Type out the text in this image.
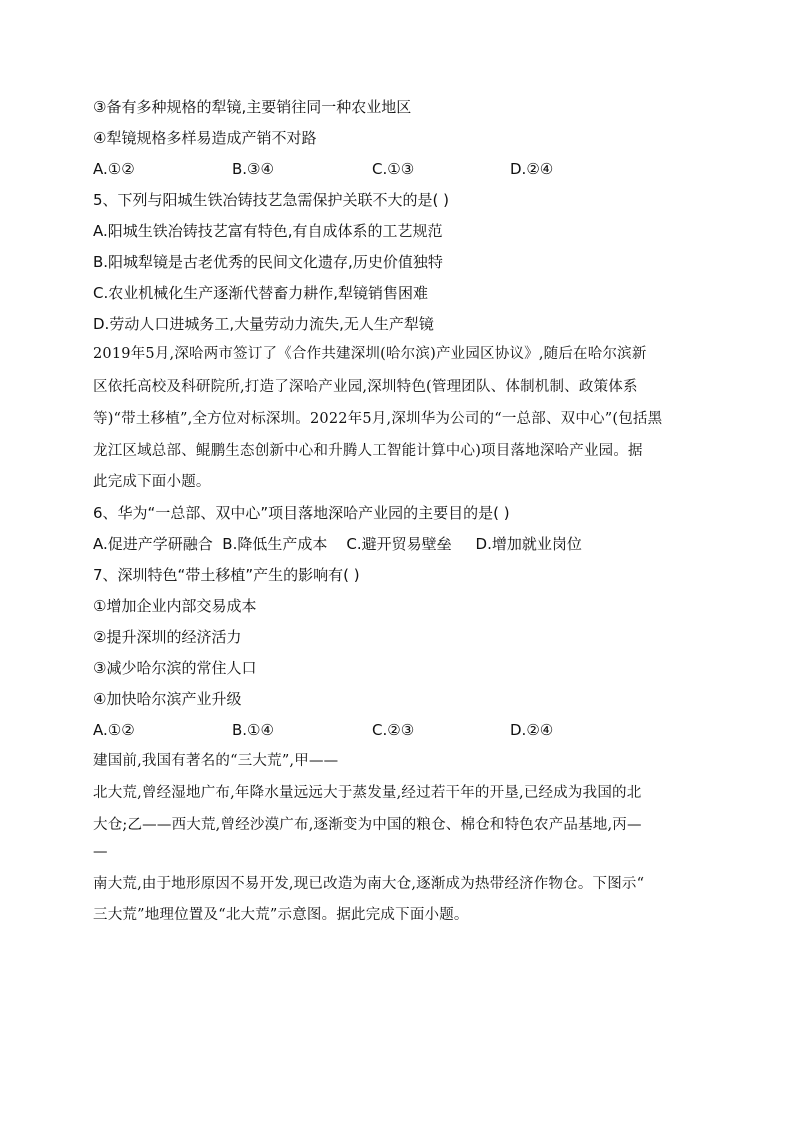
③备有多种规格的犁镜,主要销往同一种农业地区
④犁镜规格多样易造成产销不对路
A.①②	B.③④	C.①③	D.②④
5、下列与阳城生铁冶铸技艺急需保护关联不大的是( )
A.阳城生铁冶铸技艺富有特色,有自成体系的工艺规范
B.阳城犁镜是古老优秀的民间文化遗存,历史价值独特
C.农业机械化生产逐渐代替畜力耕作,犁镜销售困难
D.劳动人口进城务工,大量劳动力流失,无人生产犁镜
2019年5月,深哈两市签订了《合作共建深圳(哈尔滨)产业园区协议》,随后在哈尔滨新
区依托高校及科研院所,打造了深哈产业园,深圳特色(管理团队、体制机制、政策体系
等)“带土移植”,全方位对标深圳。2022年5月,深圳华为公司的“一总部、双中心”(包括黑
龙江区域总部、鲲鹏生态创新中心和升腾人工智能计算中心)项目落地深哈产业园。据
此完成下面小题。
6、华为“一总部、双中心”项目落地深哈产业园的主要目的是( )
A.促进产学研融合  B.降低生产成本    C.避开贸易壁垒     D.增加就业岗位
7、深圳特色“带土移植”产生的影响有( )
①增加企业内部交易成本
②提升深圳的经济活力
③减少哈尔滨的常住人口
④加快哈尔滨产业升级
A.①②	B.①④	C.②③	D.②④
建国前,我国有著名的“三大荒”,甲——
北大荒,曾经湿地广布,年降水量远远大于蒸发量,经过若干年的开垦,已经成为我国的北
大仓;乙——西大荒,曾经沙漠广布,逐渐变为中国的粮仓、棉仓和特色农产品基地,丙—
—
南大荒,由于地形原因不易开发,现已改造为南大仓,逐渐成为热带经济作物仓。下图示“
三大荒”地理位置及“北大荒”示意图。据此完成下面小题。
